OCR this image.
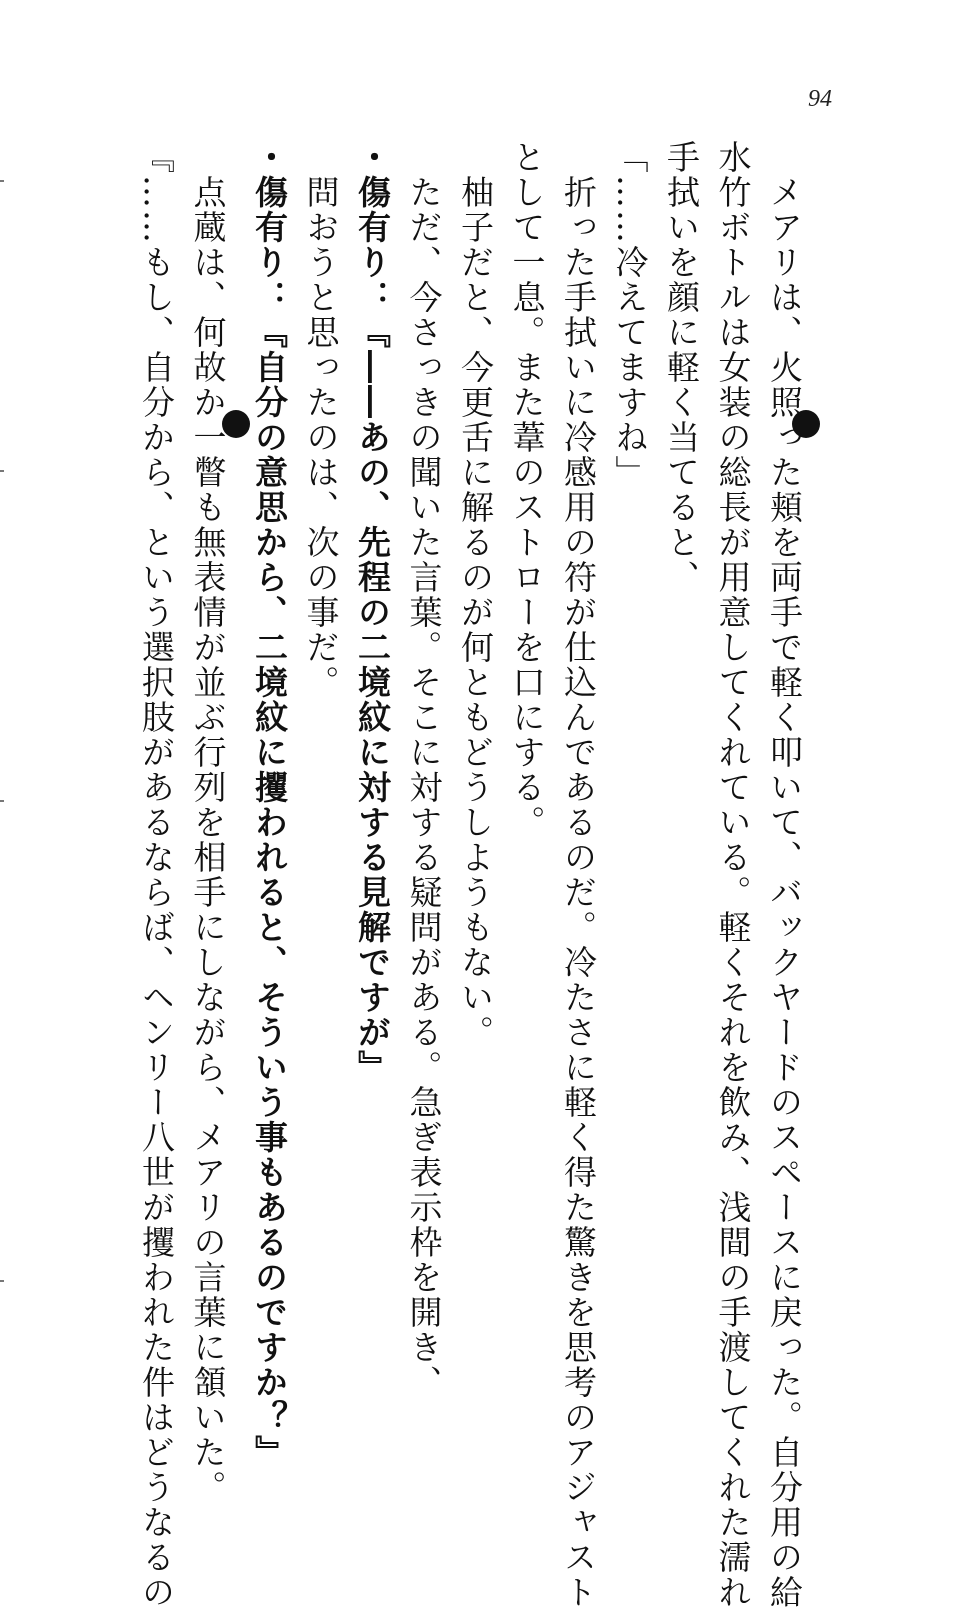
94
　メアリは、火照った頬を両手で軽く叩いて、バックヤードのスペースに戻った。自分用の給
水竹ボトルは女装の総長が用意してくれている。軽くそれを飲み、浅間の手渡してくれた濡れ
手拭いを顔に軽く当てると、
「……冷えてますね」
　折った手拭いに冷感用の符が仕込んであるのだ。冷たさに軽く得た驚きを思考のアジャスト
として一息。また葦のストローを口にする。
　柚子だと、今更舌に解るのが何ともどうしようもない。
　ただ、今さっきの聞いた言葉。そこに対する疑問がある。急ぎ表示枠を開き、
・傷有り：『――あの、先程の二境紋に対する見解ですが』
　問おうと思ったのは、次の事だ。
・傷有り：『自分の意思から、二境紋に攫われると、そういう事もあるのですか？』
　点蔵は、何故か一瞥も無表情が並ぶ行列を相手にしながら、メアリの言葉に頷いた。
『……もし、自分から、という選択肢があるならば、ヘンリー八世が攫われた件はどうなるの
